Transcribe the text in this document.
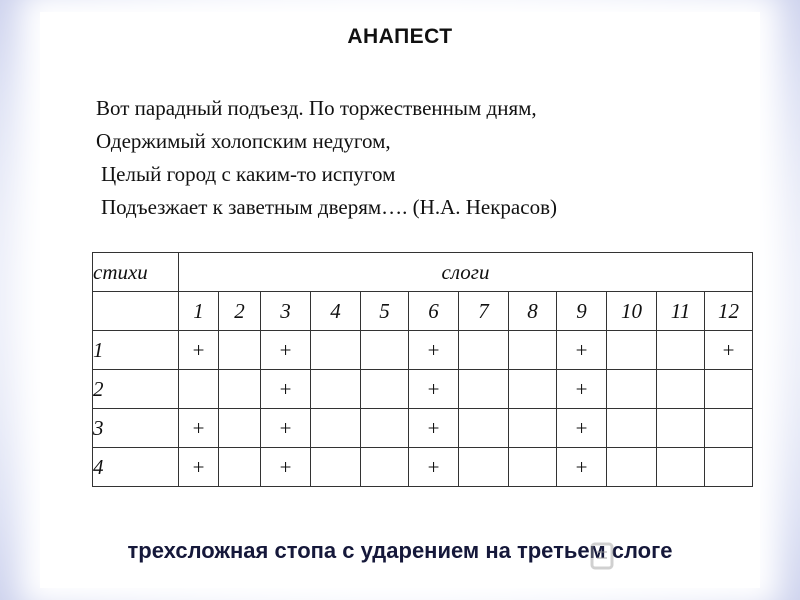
АНАПЕСТ
Вот парадный подъезд. По торжественным дням,
Одержимый холопским недугом,
Целый город с каким-то испугом
Подъезжает к заветным дверям…. (Н.А. Некрасов)
стихи	слоги											
	1	2	3	4	5	6	7	8	9	10	11	12
1	+		+			+			+			+
2			+			+			+			
3	+		+			+			+			
4	+		+			+			+			
трехсложная стопа с ударением на третьем слоге
